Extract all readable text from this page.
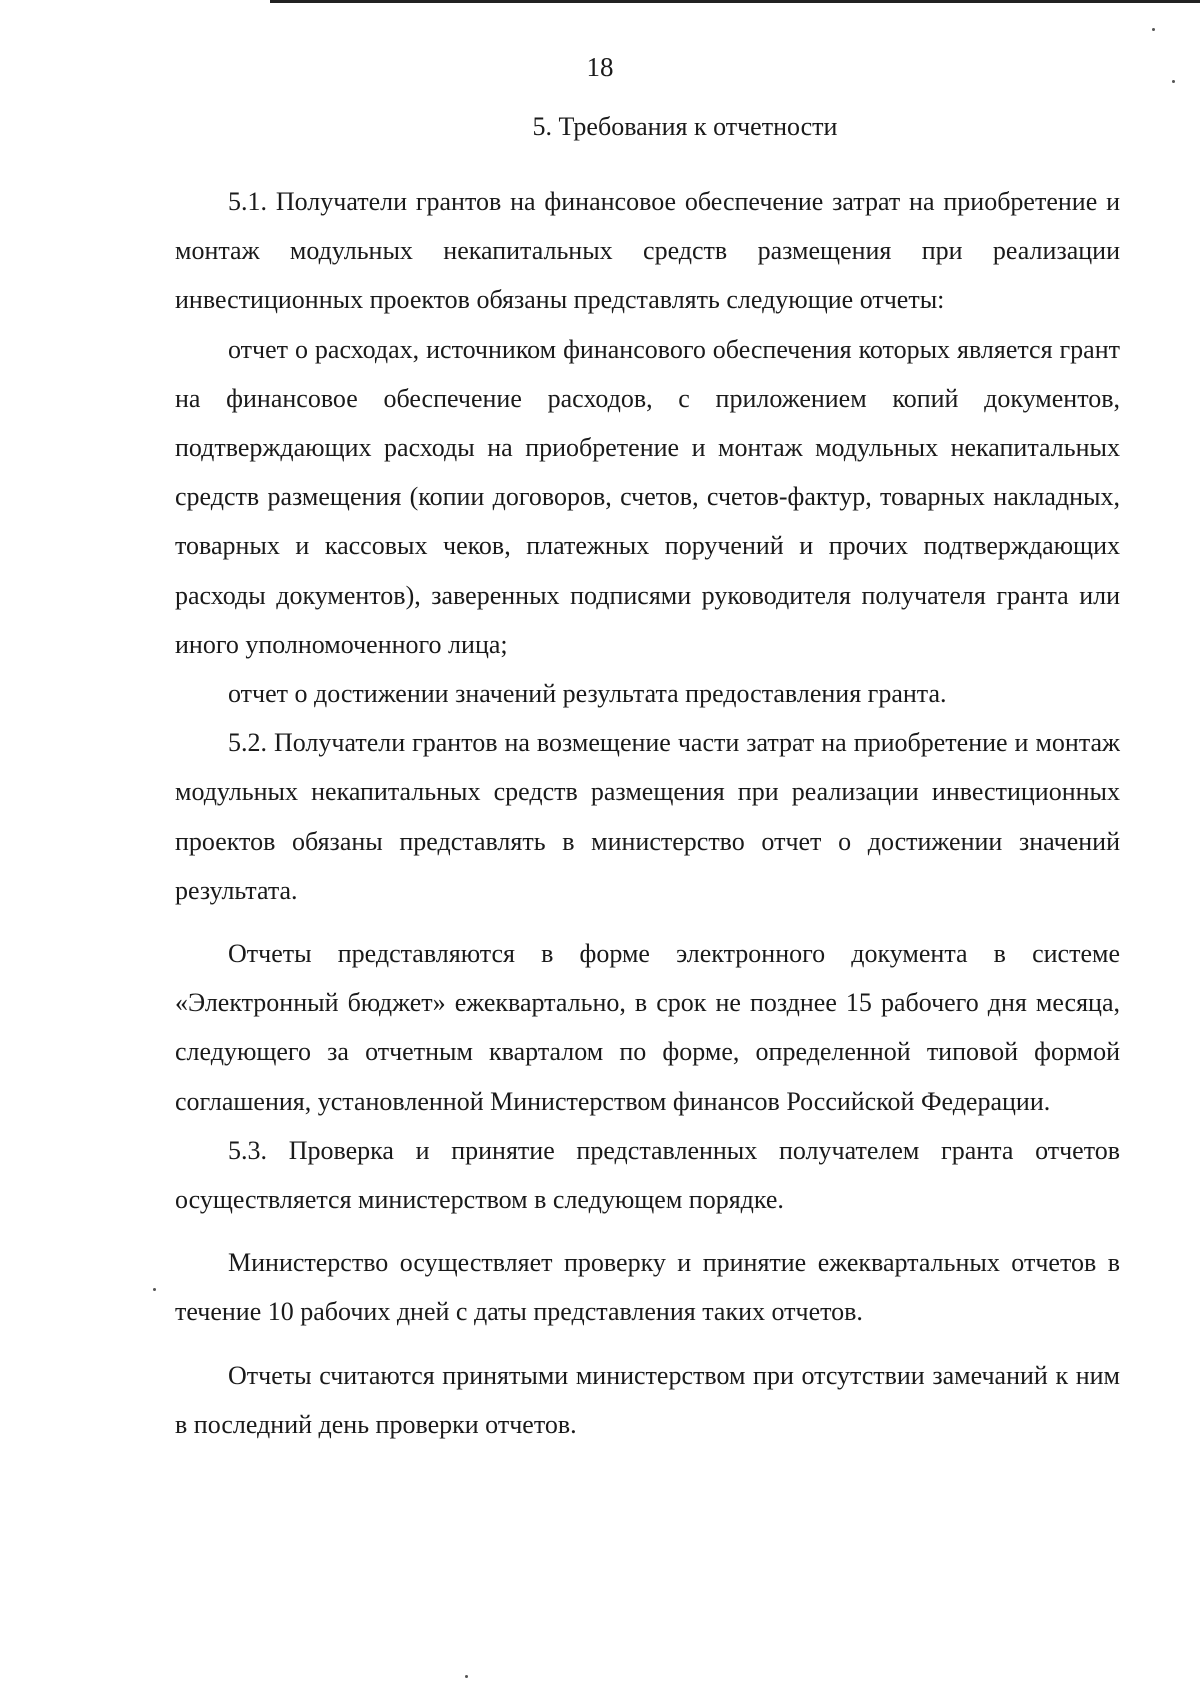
18
5. Требования к отчетности

5.1. Получатели грантов на финансовое обеспечение затрат на приобретение и монтаж модульных некапитальных средств размещения при реализации инвестиционных проектов обязаны представлять следующие отчеты:

отчет о расходах, источником финансового обеспечения которых является грант на финансовое обеспечение расходов, с приложением копий документов, подтверждающих расходы на приобретение и монтаж модульных некапитальных средств размещения (копии договоров, счетов, счетов-фактур, товарных накладных, товарных и кассовых чеков, платежных поручений и прочих подтверждающих расходы документов), заверенных подписями руководителя получателя гранта или иного уполномоченного лица;

отчет о достижении значений результата предоставления гранта.

5.2. Получатели грантов на возмещение части затрат на приобретение и монтаж модульных некапитальных средств размещения при реализации инвестиционных проектов обязаны представлять в министерство отчет о достижении значений результата.

Отчеты представляются в форме электронного документа в системе «Электронный бюджет» ежеквартально, в срок не позднее 15 рабочего дня месяца, следующего за отчетным кварталом по форме, определенной типовой формой соглашения, установленной Министерством финансов Российской Федерации.

5.3. Проверка и принятие представленных получателем гранта отчетов осуществляется министерством в следующем порядке.

Министерство осуществляет проверку и принятие ежеквартальных отчетов в течение 10 рабочих дней с даты представления таких отчетов.

Отчеты считаются принятыми министерством при отсутствии замечаний к ним в последний день проверки отчетов.
